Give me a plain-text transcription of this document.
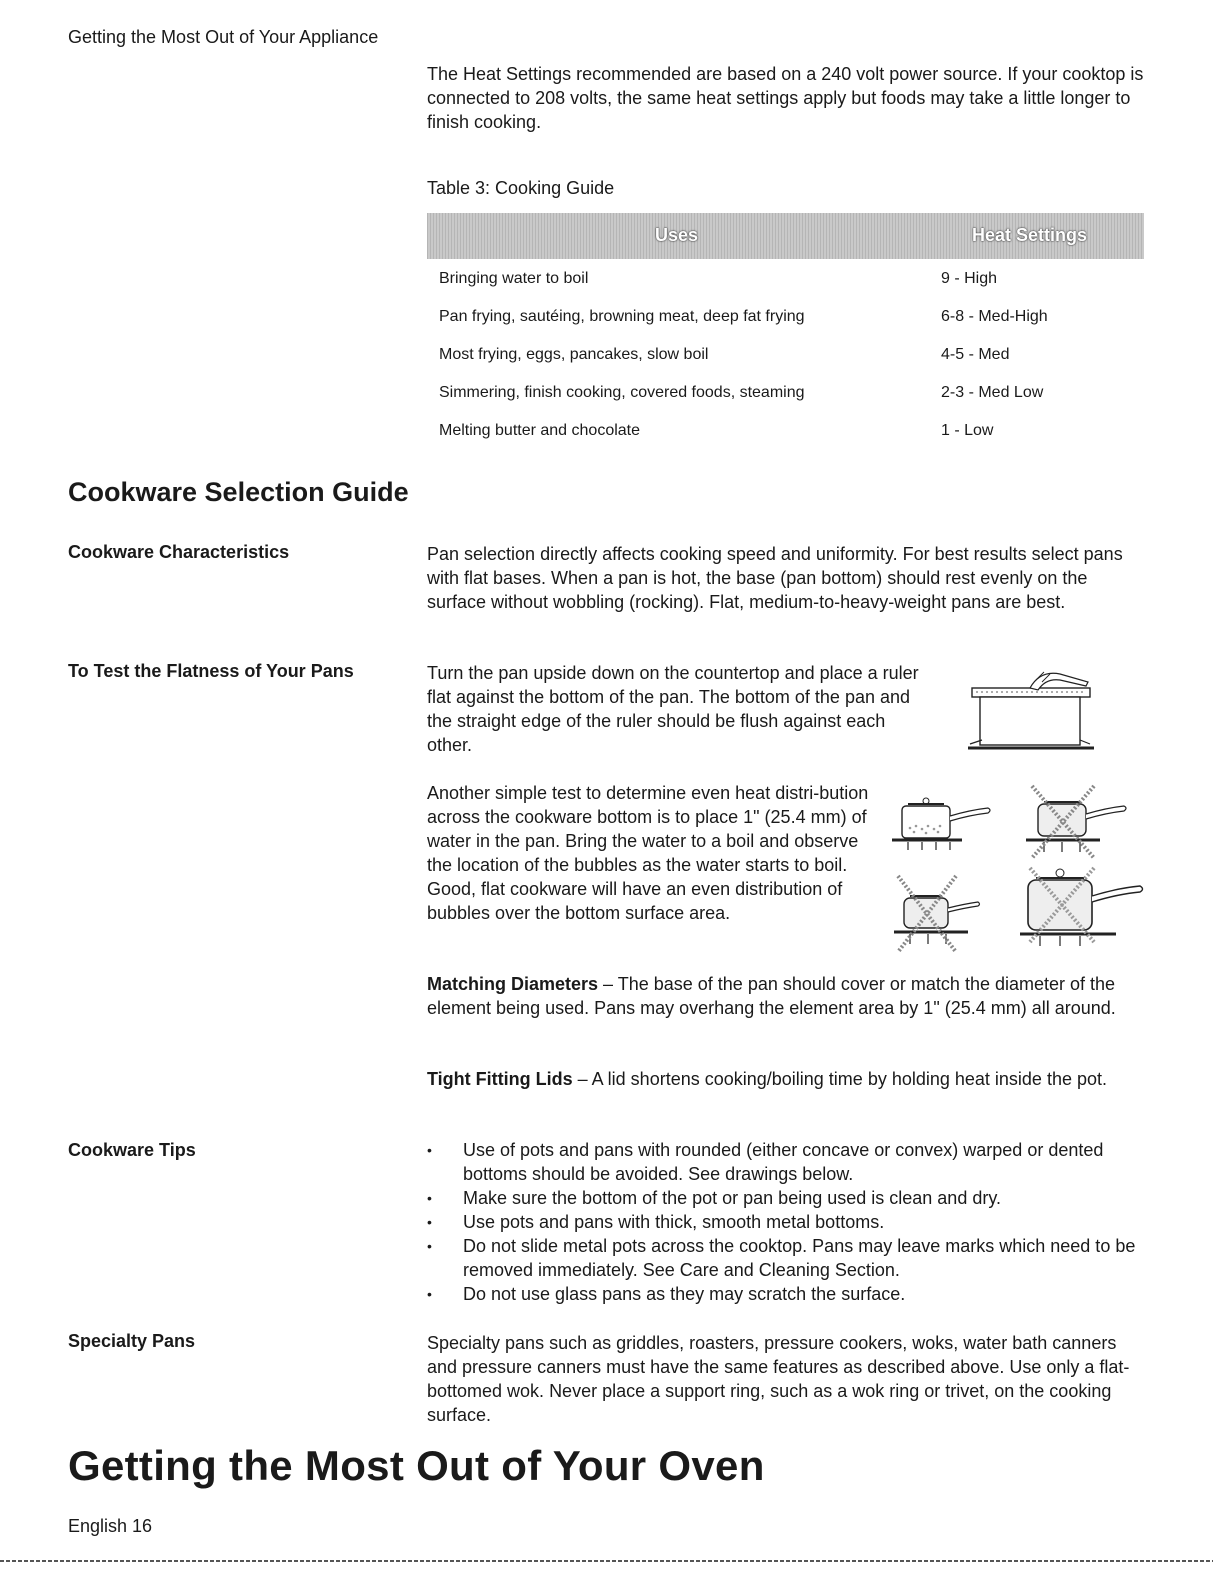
Getting the Most Out of Your Appliance
The Heat Settings recommended are based on a 240 volt power source. If your cooktop is connected to 208 volts, the same heat settings apply but foods may take a little longer to finish cooking.
Table 3: Cooking Guide
Uses	Heat Settings
Bringing water to boil	9 - High
Pan frying, sautéing, browning meat, deep fat frying	6-8 - Med-High
Most frying, eggs, pancakes, slow boil	4-5 - Med
Simmering, finish cooking, covered foods, steaming	2-3 - Med Low
Melting butter and chocolate	1 - Low
Cookware Selection Guide
Cookware Characteristics	Pan selection directly affects cooking speed and uniformity. For best results select pans with flat bases. When a pan is hot, the base (pan bottom) should rest evenly on the surface without wobbling (rocking). Flat, medium-to-heavy-weight pans are best.
To Test the Flatness of Your Pans	Turn the pan upside down on the countertop and place a ruler flat against the bottom of the pan. The bottom of the pan and the straight edge of the ruler should be flush against each other.
Another simple test to determine even heat distri-bution across the cookware bottom is to place 1" (25.4 mm) of water in the pan. Bring the water to a boil and observe the location of the bubbles as the water starts to boil. Good, flat cookware will have an even distribution of bubbles over the bottom surface area.
Matching Diameters – The base of the pan should cover or match the diameter of the element being used. Pans may overhang the element area by 1" (25.4 mm) all around.
Tight Fitting Lids – A lid shortens cooking/boiling time by holding heat inside the pot.
Cookware Tips
•	Use of pots and pans with rounded (either concave or convex) warped or dented bottoms should be avoided. See drawings below.
• Make sure the bottom of the pot or pan being used is clean and dry.
• Use pots and pans with thick, smooth metal bottoms.
• Do not slide metal pots across the cooktop. Pans may leave marks which need to be removed immediately. See Care and Cleaning Section.
• Do not use glass pans as they may scratch the surface.
Specialty Pans	Specialty pans such as griddles, roasters, pressure cookers, woks, water bath canners and pressure canners must have the same features as described above. Use only a flat-bottomed wok. Never place a support ring, such as a wok ring or trivet, on the cooking surface.
Getting the Most Out of Your Oven
English 16
